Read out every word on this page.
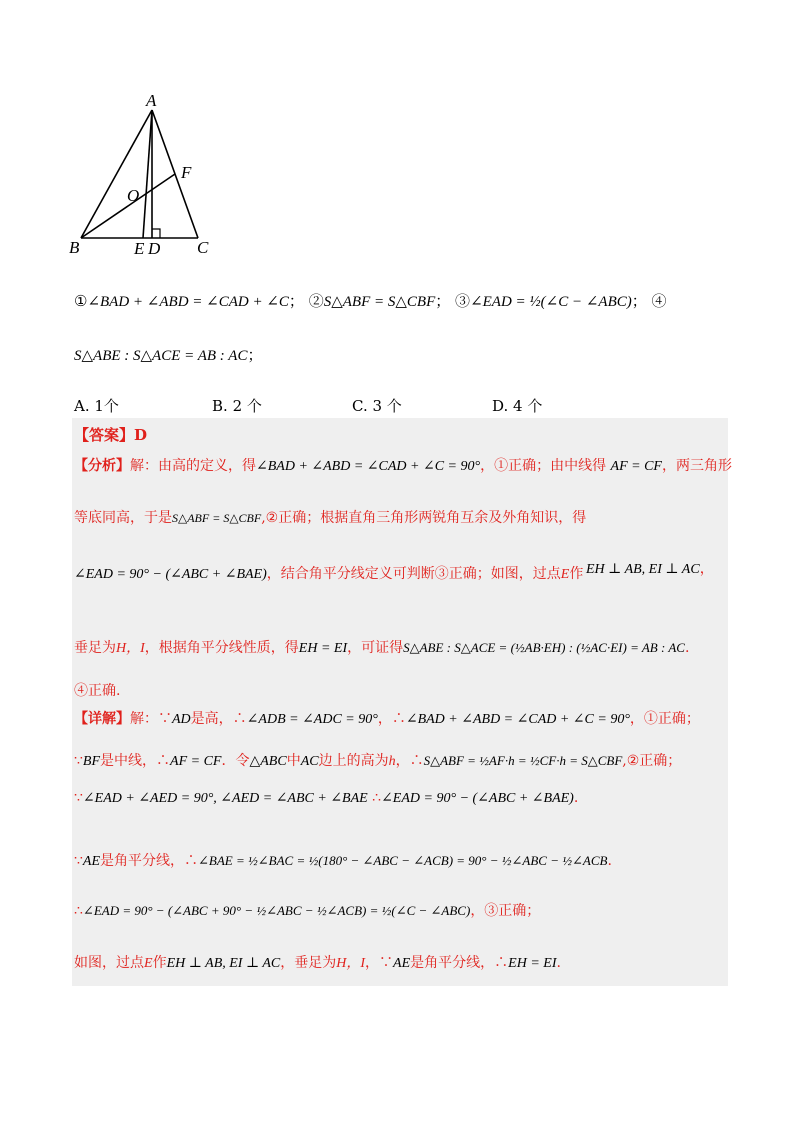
A
B	C
E D
F
O
①∠BAD + ∠ABD = ∠CAD + ∠C； ②S△ABF = S△CBF； ③∠EAD = ½(∠C − ∠ABC)； ④
S△ABE : S△ACE = AB : AC；
A. 1个	B. 2 个	C. 3 个	D. 4 个
【答案】D
【分析】解：由高的定义，得∠BAD + ∠ABD = ∠CAD + ∠C = 90°，①正确；由中线得 AF = CF，两三角形
等底同高，于是S△ABF = S△CBF,②正确；根据直角三角形两锐角互余及外角知识，得
∠EAD = 90° − (∠ABC + ∠BAE)，结合角平分线定义可判断③正确；如图，过点E作 EH ⊥ AB, EI ⊥ AC，
垂足为H，I，根据角平分线性质，得EH = EI，可证得S△ABE : S△ACE = (½AB·EH) : (½AC·EI) = AB : AC.
④正确.
【详解】解：∵AD是高，∴∠ADB = ∠ADC = 90°，∴∠BAD + ∠ABD = ∠CAD + ∠C = 90°，①正确；
∵BF是中线，∴AF = CF．令△ABC中AC边上的高为h，∴S△ABF = ½AF·h = ½CF·h = S△CBF,②正确；
∵∠EAD + ∠AED = 90°, ∠AED = ∠ABC + ∠BAE ∴∠EAD = 90° − (∠ABC + ∠BAE).
∵AE是角平分线，∴∠BAE = ½∠BAC = ½(180° − ∠ABC − ∠ACB) = 90° − ½∠ABC − ½∠ACB.
∴∠EAD = 90° − (∠ABC + 90° − ½∠ABC − ½∠ACB) = ½(∠C − ∠ABC)，③正确；
如图，过点E作EH ⊥ AB, EI ⊥ AC，垂足为H，I，∵AE是角平分线，∴EH = EI.
